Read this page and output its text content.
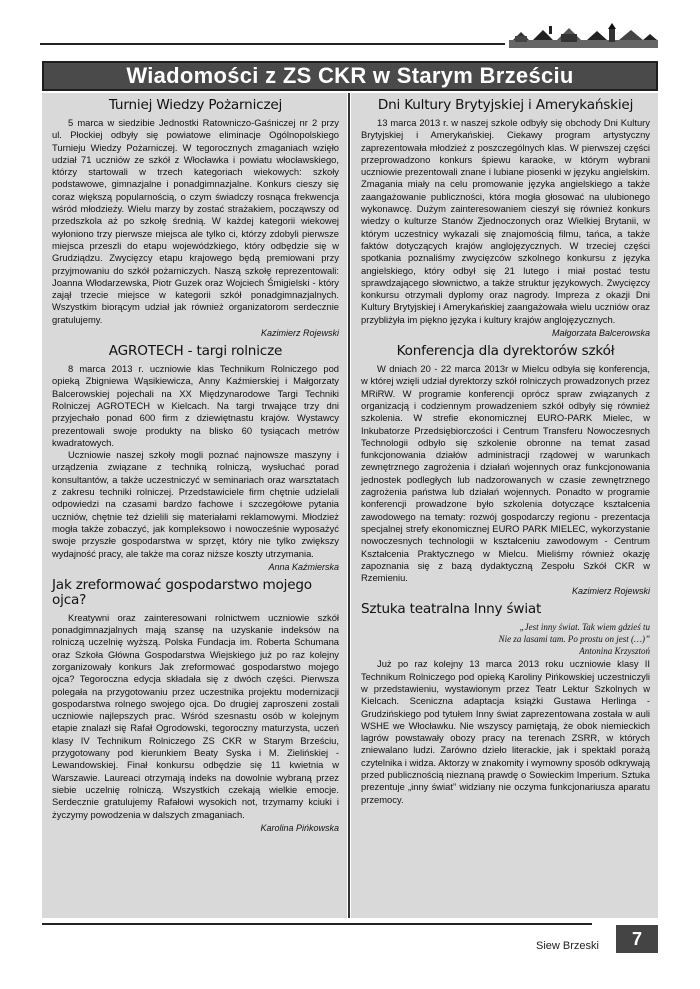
Wiadomości z ZS CKR w Starym Brześciu
Turniej Wiedzy Pożarniczej

5 marca w siedzibie Jednostki Ratowniczo-Gaśniczej nr 2 przy ul. Płockiej odbyły się powiatowe eliminacje Ogólnopolskiego Turnieju Wiedzy Pożarniczej. W tegorocznych zmaganiach wzięło udział 71 uczniów ze szkół z Włocławka i powiatu włocławskiego, którzy startowali w trzech kategoriach wiekowych: szkoły podstawowe, gimnazjalne i ponadgimnazjalne. Konkurs cieszy się coraz większą popularnością, o czym świadczy rosnąca frekwencja wśród młodzieży. Wielu marzy by zostać strażakiem, począwszy od przedszkola aż po szkołę średnią. W każdej kategorii wiekowej wyłoniono trzy pierwsze miejsca ale tylko ci, którzy zdobyli pierwsze miejsca przeszli do etapu wojewódzkiego, który odbędzie się w Grudziądzu. Zwycięzcy etapu krajowego będą premiowani przy przyjmowaniu do szkół pożarniczych. Naszą szkołę reprezentowali: Joanna Włodarzewska, Piotr Guzek oraz Wojciech Śmigielski - który zajął trzecie miejsce w kategorii szkół ponadgimnazjalnych. Wszystkim biorącym udział jak również organizatorom serdecznie gratulujemy.

Kazimierz Rojewski

AGROTECH - targi rolnicze

8 marca 2013 r. uczniowie klas Technikum Rolniczego pod opieką Zbigniewa Wąsikiewicza, Anny Kaźmierskiej i Małgorzaty Balcerowskiej pojechali na XX Międzynarodowe Targi Techniki Rolniczej AGROTECH w Kielcach. Na targi trwające trzy dni przyjechało ponad 600 firm z dziewiętnastu krajów. Wystawcy prezentowali swoje produkty na blisko 60 tysiącach metrów kwadratowych.

Uczniowie naszej szkoły mogli poznać najnowsze maszyny i urządzenia związane z techniką rolniczą, wysłuchać porad konsultantów, a także uczestniczyć w seminariach oraz warsztatach z zakresu techniki rolniczej. Przedstawiciele firm chętnie udzielali odpowiedzi na czasami bardzo fachowe i szczegółowe pytania uczniów, chętnie też dzielili się materiałami reklamowymi. Młodzież mogła także zobaczyć, jak kompleksowo i nowocześnie wyposażyć swoje przyszłe gospodarstwa w sprzęt, który nie tylko zwiększy wydajność pracy, ale także ma coraz niższe koszty utrzymania.

Anna Kaźmierska

Jak zreformować gospodarstwo mojego ojca?

Kreatywni oraz zainteresowani rolnictwem uczniowie szkół ponadgimnazjalnych mają szansę na uzyskanie indeksów na rolniczą uczelnię wyższą. Polska Fundacja im. Roberta Schumana oraz Szkoła Główna Gospodarstwa Wiejskiego już po raz kolejny zorganizowały konkurs Jak zreformować gospodarstwo mojego ojca? Tegoroczna edycja składała się z dwóch części. Pierwsza polegała na przygotowaniu przez uczestnika projektu modernizacji gospodarstwa rolnego swojego ojca. Do drugiej zaproszeni zostali uczniowie najlepszych prac. Wśród szesnastu osób w kolejnym etapie znalazł się Rafał Ogrodowski, tegoroczny maturzysta, uczeń klasy IV Technikum Rolniczego ZS CKR w Starym Brześciu, przygotowany pod kierunkiem Beaty Syska i M. Zielińskiej -Lewandowskiej. Finał konkursu odbędzie się 11 kwietnia w Warszawie. Laureaci otrzymają indeks na dowolnie wybraną przez siebie uczelnię rolniczą. Wszystkich czekają wielkie emocje. Serdecznie gratulujemy Rafałowi wysokich not, trzymamy kciuki i życzymy powodzenia w dalszych zmaganiach.

Karolina Pińkowska

Dni Kultury Brytyjskiej i Amerykańskiej

13 marca 2013 r. w naszej szkole odbyły się obchody Dni Kultury Brytyjskiej i Amerykańskiej. Ciekawy program artystyczny zaprezentowała młodzież z poszczególnych klas. W pierwszej części przeprowadzono konkurs śpiewu karaoke, w którym wybrani uczniowie prezentowali znane i lubiane piosenki w języku angielskim. Zmagania miały na celu promowanie języka angielskiego a także zaangażowanie publiczności, która mogła głosować na ulubionego wykonawcę. Dużym zainteresowaniem cieszył się również konkurs wiedzy o kulturze Stanów Zjednoczonych oraz Wielkiej Brytanii, w którym uczestnicy wykazali się znajomością filmu, tańca, a także faktów dotyczących krajów anglojęzycznych. W trzeciej części spotkania poznaliśmy zwycięzców szkolnego konkursu z języka angielskiego, który odbył się 21 lutego i miał postać testu sprawdzającego słownictwo, a także struktur językowych. Zwycięzcy konkursu otrzymali dyplomy oraz nagrody. Impreza z okazji Dni Kultury Brytyjskiej i Amerykańskiej zaangażowała wielu uczniów oraz przybliżyła im piękno języka i kultury krajów anglojęzycznych.

Małgorzata Balcerowska

Konferencja dla dyrektorów szkół

W dniach 20 - 22 marca 2013r w Mielcu odbyła się konferencja, w której wzięli udział dyrektorzy szkół rolniczych prowadzonych przez MRiRW. W programie konferencji oprócz spraw związanych z organizacją i codziennym prowadzeniem szkół odbyły się również szkolenia. W strefie ekonomicznej EURO-PARK Mielec, w Inkubatorze Przedsiębiorczości i Centrum Transferu Nowoczesnych Technologii odbyło się szkolenie obronne na temat zasad funkcjonowania działów administracji rządowej w warunkach zewnętrznego zagrożenia i działań wojennych oraz funkcjonowania jednostek podległych lub nadzorowanych w czasie zewnętrznego zagrożenia państwa lub działań wojennych. Ponadto w programie konferencji prowadzone było szkolenia dotyczące kształcenia zawodowego na tematy: rozwój gospodarczy regionu - prezentacja specjalnej strefy ekonomicznej EURO PARK MIELEC, wykorzystanie nowoczesnych technologii w kształceniu zawodowym - Centrum Kształcenia Praktycznego w Mielcu. Mieliśmy również okazję zapoznania się z bazą dydaktyczną Zespołu Szkół CKR w Rzemieniu.

Kazimierz Rojewski

Sztuka teatralna Inny świat

„Jest inny świat. Tak wiem gdzieś tu

Nie za lasami tam. Po prostu on jest (…)”

Antonina Krzysztoń

Już po raz kolejny 13 marca 2013 roku uczniowie klasy II Technikum Rolniczego pod opieką Karoliny Pińkowskiej uczestniczyli w przedstawieniu, wystawionym przez Teatr Lektur Szkolnych w Kielcach. Sceniczna adaptacja książki Gustawa Herlinga -Grudzińskiego pod tytułem Inny świat zaprezentowana została w auli WSHE we Włocławku. Nie wszyscy pamiętają, że obok niemieckich lagrów powstawały obozy pracy na terenach ZSRR, w których zniewalano ludzi. Zarówno dzieło literackie, jak i spektakl porażą czytelnika i widza. Aktorzy w znakomity i wymowny sposób odkrywają przed publicznością nieznaną prawdę o Sowieckim Imperium. Sztuka prezentuje „inny świat” widziany nie oczyma funkcjonariusza aparatu przemocy.

Siew Brzeski	7
